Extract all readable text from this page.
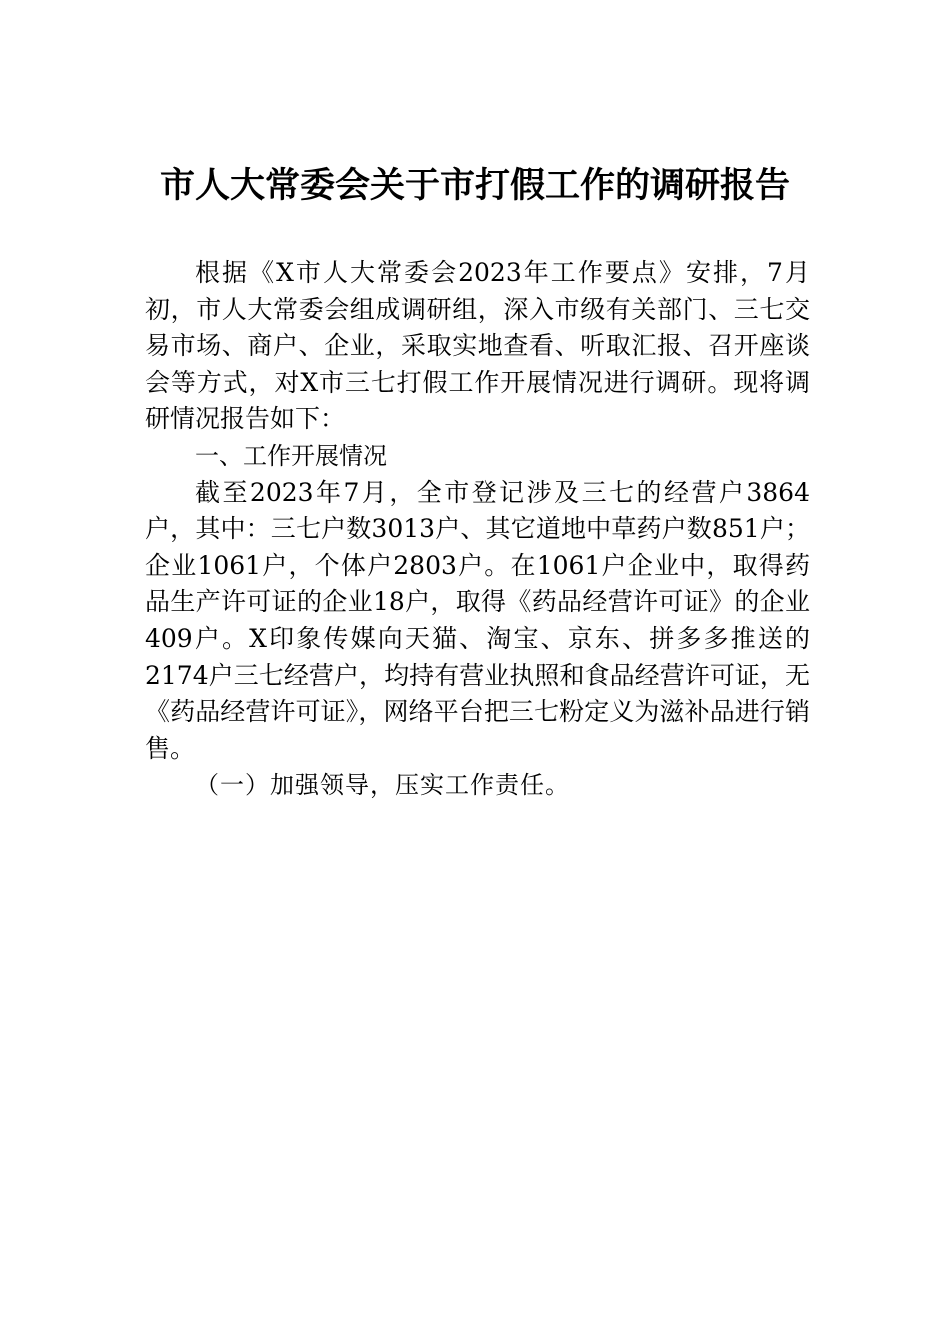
市人大常委会关于市打假工作的调研报告

根据《X市人大常委会2023年工作要点》安排，7月初，市人大常委会组成调研组，深入市级有关部门、三七交易市场、商户、企业，采取实地查看、听取汇报、召开座谈会等方式，对X市三七打假工作开展情况进行调研。现将调研情况报告如下：

一、工作开展情况

截至2023年7月，全市登记涉及三七的经营户3864户，其中：三七户数3013户、其它道地中草药户数851户；企业1061户，个体户2803户。在1061户企业中，取得药品生产许可证的企业18户，取得《药品经营许可证》的企业409户。X印象传媒向天猫、淘宝、京东、拼多多推送的2174户三七经营户，均持有营业执照和食品经营许可证，无《药品经营许可证》，网络平台把三七粉定义为滋补品进行销售。

（一）加强领导，压实工作责任。
